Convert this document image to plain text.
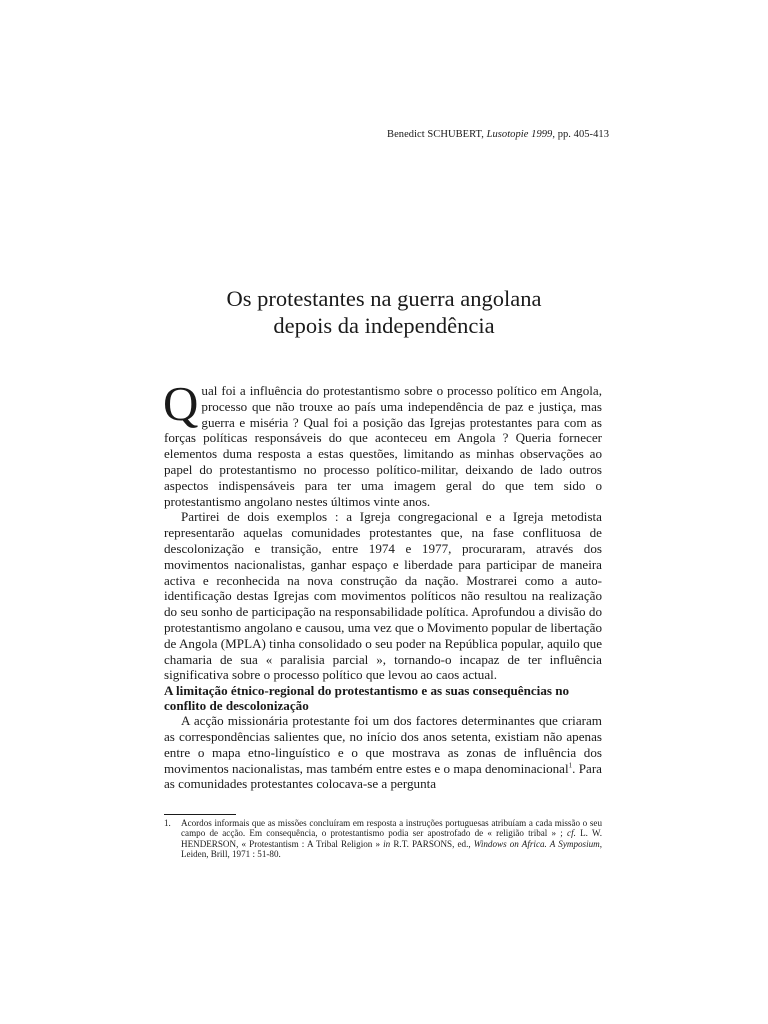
Benedict SCHUBERT, Lusotopie 1999, pp. 405-413
Os protestantes na guerra angolana
depois da independência

Qual foi a influência do protestantismo sobre o processo político em Angola, processo que não trouxe ao país uma independência de paz e justiça, mas guerra e miséria ? Qual foi a posição das Igrejas protestantes para com as forças políticas responsáveis do que aconteceu em Angola ? Queria fornecer elementos duma resposta a estas questões, limitando as minhas observações ao papel do protestantismo no processo político-militar, deixando de lado outros aspectos indispensáveis para ter uma imagem geral do que tem sido o protestantismo angolano nestes últimos vinte anos.

Partirei de dois exemplos : a Igreja congregacional e a Igreja metodista representarão aquelas comunidades protestantes que, na fase conflituosa de descolonização e transição, entre 1974 e 1977, procuraram, através dos movimentos nacionalistas, ganhar espaço e liberdade para participar de maneira activa e reconhecida na nova construção da nação. Mostrarei como a auto-identificação destas Igrejas com movimentos políticos não resultou na realização do seu sonho de participação na responsabilidade política. Aprofundou a divisão do protestantismo angolano e causou, uma vez que o Movimento popular de libertação de Angola (MPLA) tinha consolidado o seu poder na República popular, aquilo que chamaria de sua « paralisia parcial », tornando-o incapaz de ter influência significativa sobre o processo político que levou ao caos actual.

A limitação étnico-regional do protestantismo e as suas consequências no conflito de descolonização

A acção missionária protestante foi um dos factores determinantes que criaram as correspondências salientes que, no início dos anos setenta, existiam não apenas entre o mapa etno-linguístico e o que mostrava as zonas de influência dos movimentos nacionalistas, mas também entre estes e o mapa denominacional$^1$. Para as comunidades protestantes colocava-se a pergunta

1.	Acordos informais que as missões concluíram em resposta a instruções portuguesas atribuíam a cada missão o seu campo de acção. Em consequência, o protestantismo podia ser apostrofado de « religião tribal » ; cf. L. W. HENDERSON, « Protestantism : A Tribal Religion » in R.T. PARSONS, ed., Windows on Africa. A Symposium, Leiden, Brill, 1971 : 51-80.
